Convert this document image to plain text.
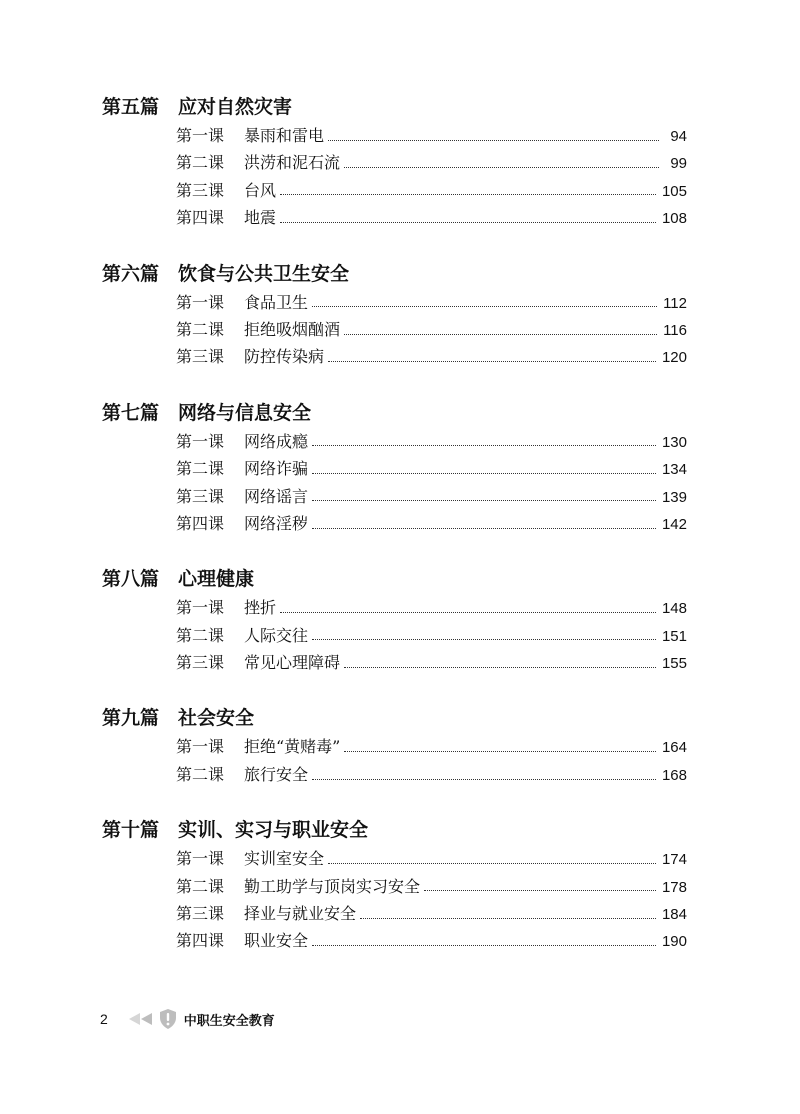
第五篇 应对自然灾害
第一课	暴雨和雷电	94
第二课	洪涝和泥石流	99
第三课	台风	105
第四课	地震	108
第六篇 饮食与公共卫生安全
第一课	食品卫生	112
第二课	拒绝吸烟酗酒	116
第三课	防控传染病	120
第七篇 网络与信息安全
第一课	网络成瘾	130
第二课	网络诈骗	134
第三课	网络谣言	139
第四课	网络淫秽	142
第八篇 心理健康
第一课	挫折	148
第二课	人际交往	151
第三课	常见心理障碍	155
第九篇 社会安全
第一课	拒绝“黄赌毒”	164
第二课	旅行安全	168
第十篇 实训、实习与职业安全
第一课	实训室安全	174
第二课	勤工助学与顶岗实习安全	178
第三课	择业与就业安全	184
第四课	职业安全	190
2	中职生安全教育
